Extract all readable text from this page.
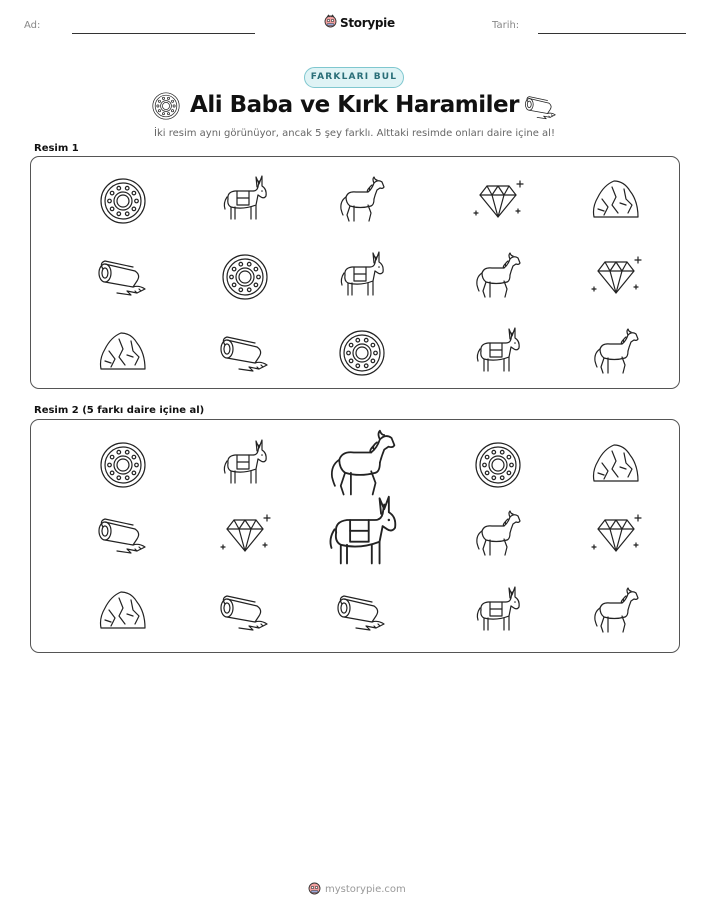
Ad:	Storypie	Tarih:
FARKLARI BUL
Ali Baba ve Kırk Haramiler
İki resim aynı görünüyor, ancak 5 şey farklı. Alttaki resimde onları daire içine al!
Resim 1
Resim 2 (5 farkı daire içine al)
mystorypie.com
